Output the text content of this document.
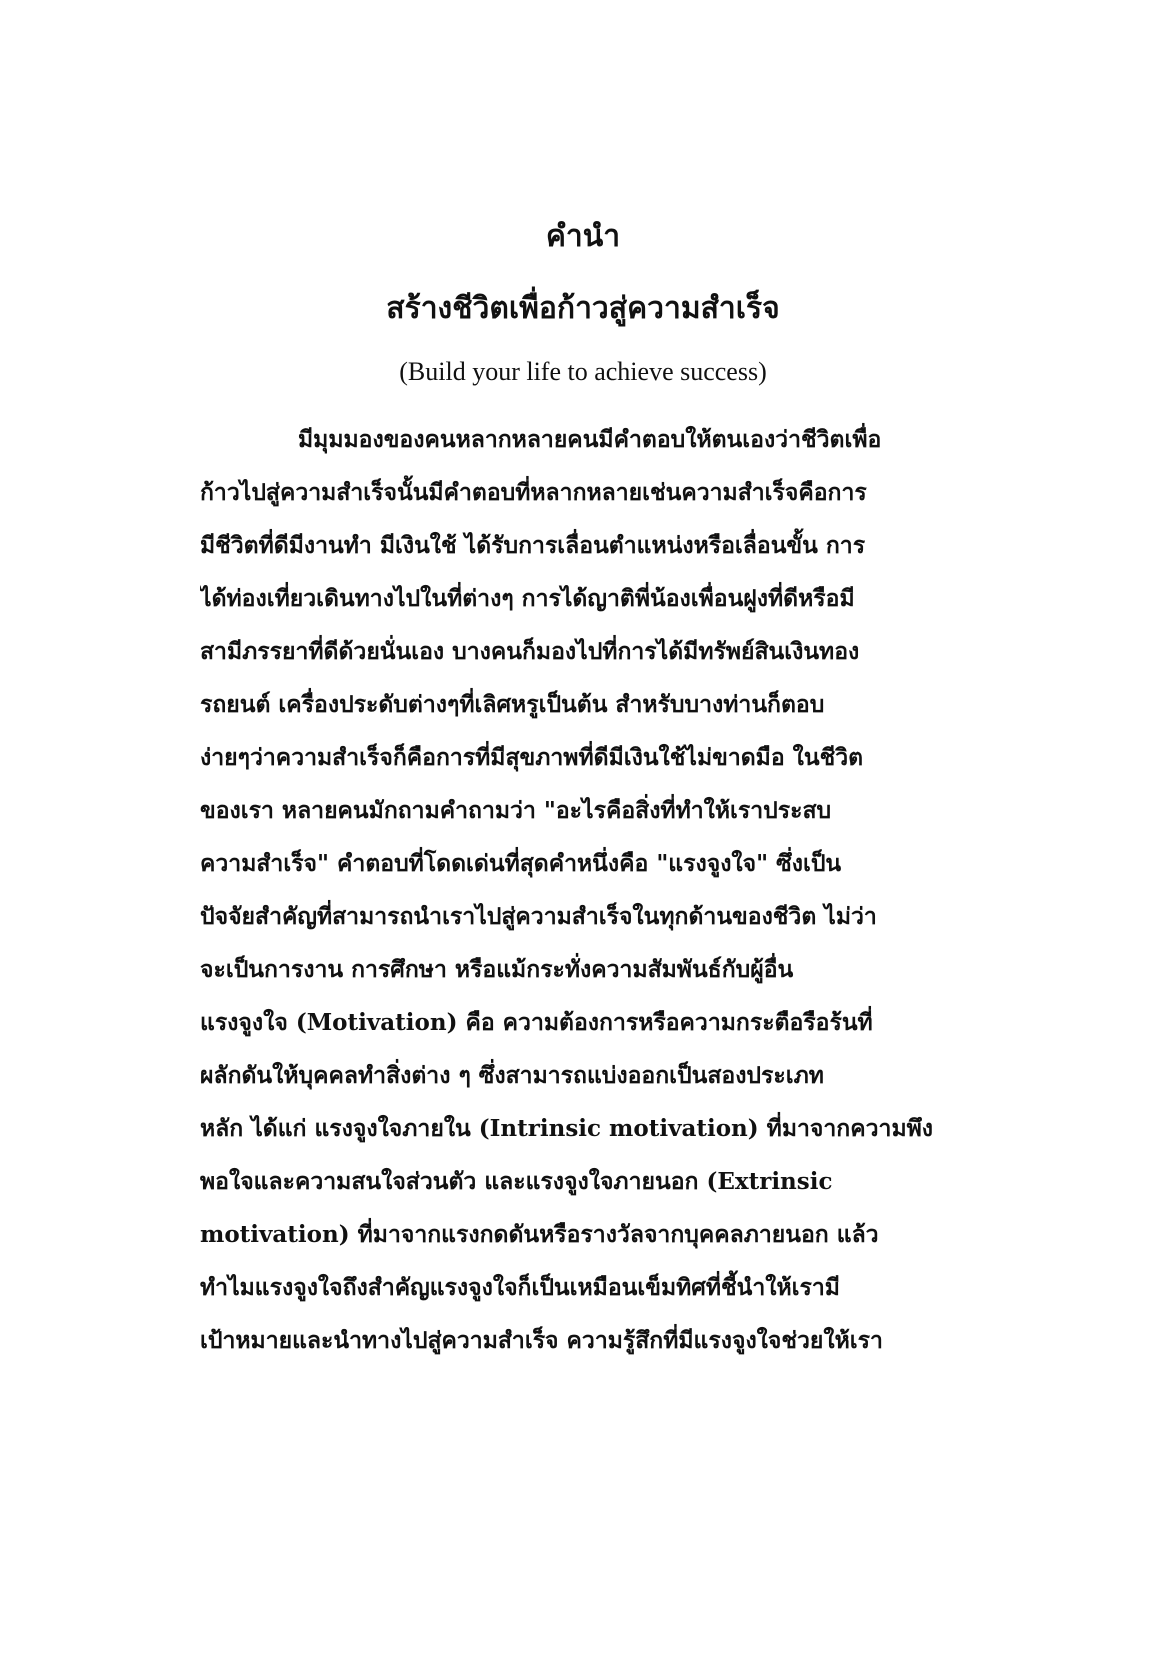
คำนำ
สร้างชีวิตเพื่อก้าวสู่ความสำเร็จ
(Build your life to achieve success)
มีมุมมองของคนหลากหลายคนมีคำตอบให้ตนเองว่าชีวิตเพื่อ
ก้าวไปสู่ความสำเร็จนั้นมีคำตอบที่หลากหลายเช่นความสำเร็จคือการ
มีชีวิตที่ดีมีงานทำ มีเงินใช้ ได้รับการเลื่อนตำแหน่งหรือเลื่อนขั้น การ
ได้ท่องเที่ยวเดินทางไปในที่ต่างๆ การได้ญาติพี่น้องเพื่อนฝูงที่ดีหรือมี
สามีภรรยาที่ดีด้วยนั่นเอง บางคนก็มองไปที่การได้มีทรัพย์สินเงินทอง
รถยนต์ เครื่องประดับต่างๆที่เลิศหรูเป็นต้น สำหรับบางท่านก็ตอบ
ง่ายๆว่าความสำเร็จก็คือการที่มีสุขภาพที่ดีมีเงินใช้ไม่ขาดมือ ในชีวิต
ของเรา หลายคนมักถามคำถามว่า "อะไรคือสิ่งที่ทำให้เราประสบ
ความสำเร็จ" คำตอบที่โดดเด่นที่สุดคำหนึ่งคือ "แรงจูงใจ" ซึ่งเป็น
ปัจจัยสำคัญที่สามารถนำเราไปสู่ความสำเร็จในทุกด้านของชีวิต ไม่ว่า
จะเป็นการงาน การศึกษา หรือแม้กระทั่งความสัมพันธ์กับผู้อื่น
แรงจูงใจ (Motivation) คือ ความต้องการหรือความกระตือรือร้นที่
ผลักดันให้บุคคลทำสิ่งต่าง ๆ ซึ่งสามารถแบ่งออกเป็นสองประเภท
หลัก ได้แก่ แรงจูงใจภายใน (Intrinsic motivation) ที่มาจากความพึง
พอใจและความสนใจส่วนตัว และแรงจูงใจภายนอก (Extrinsic
motivation) ที่มาจากแรงกดดันหรือรางวัลจากบุคคลภายนอก แล้ว
ทำไมแรงจูงใจถึงสำคัญแรงจูงใจก็เป็นเหมือนเข็มทิศที่ชี้นำให้เรามี
เป้าหมายและนำทางไปสู่ความสำเร็จ ความรู้สึกที่มีแรงจูงใจช่วยให้เรา
